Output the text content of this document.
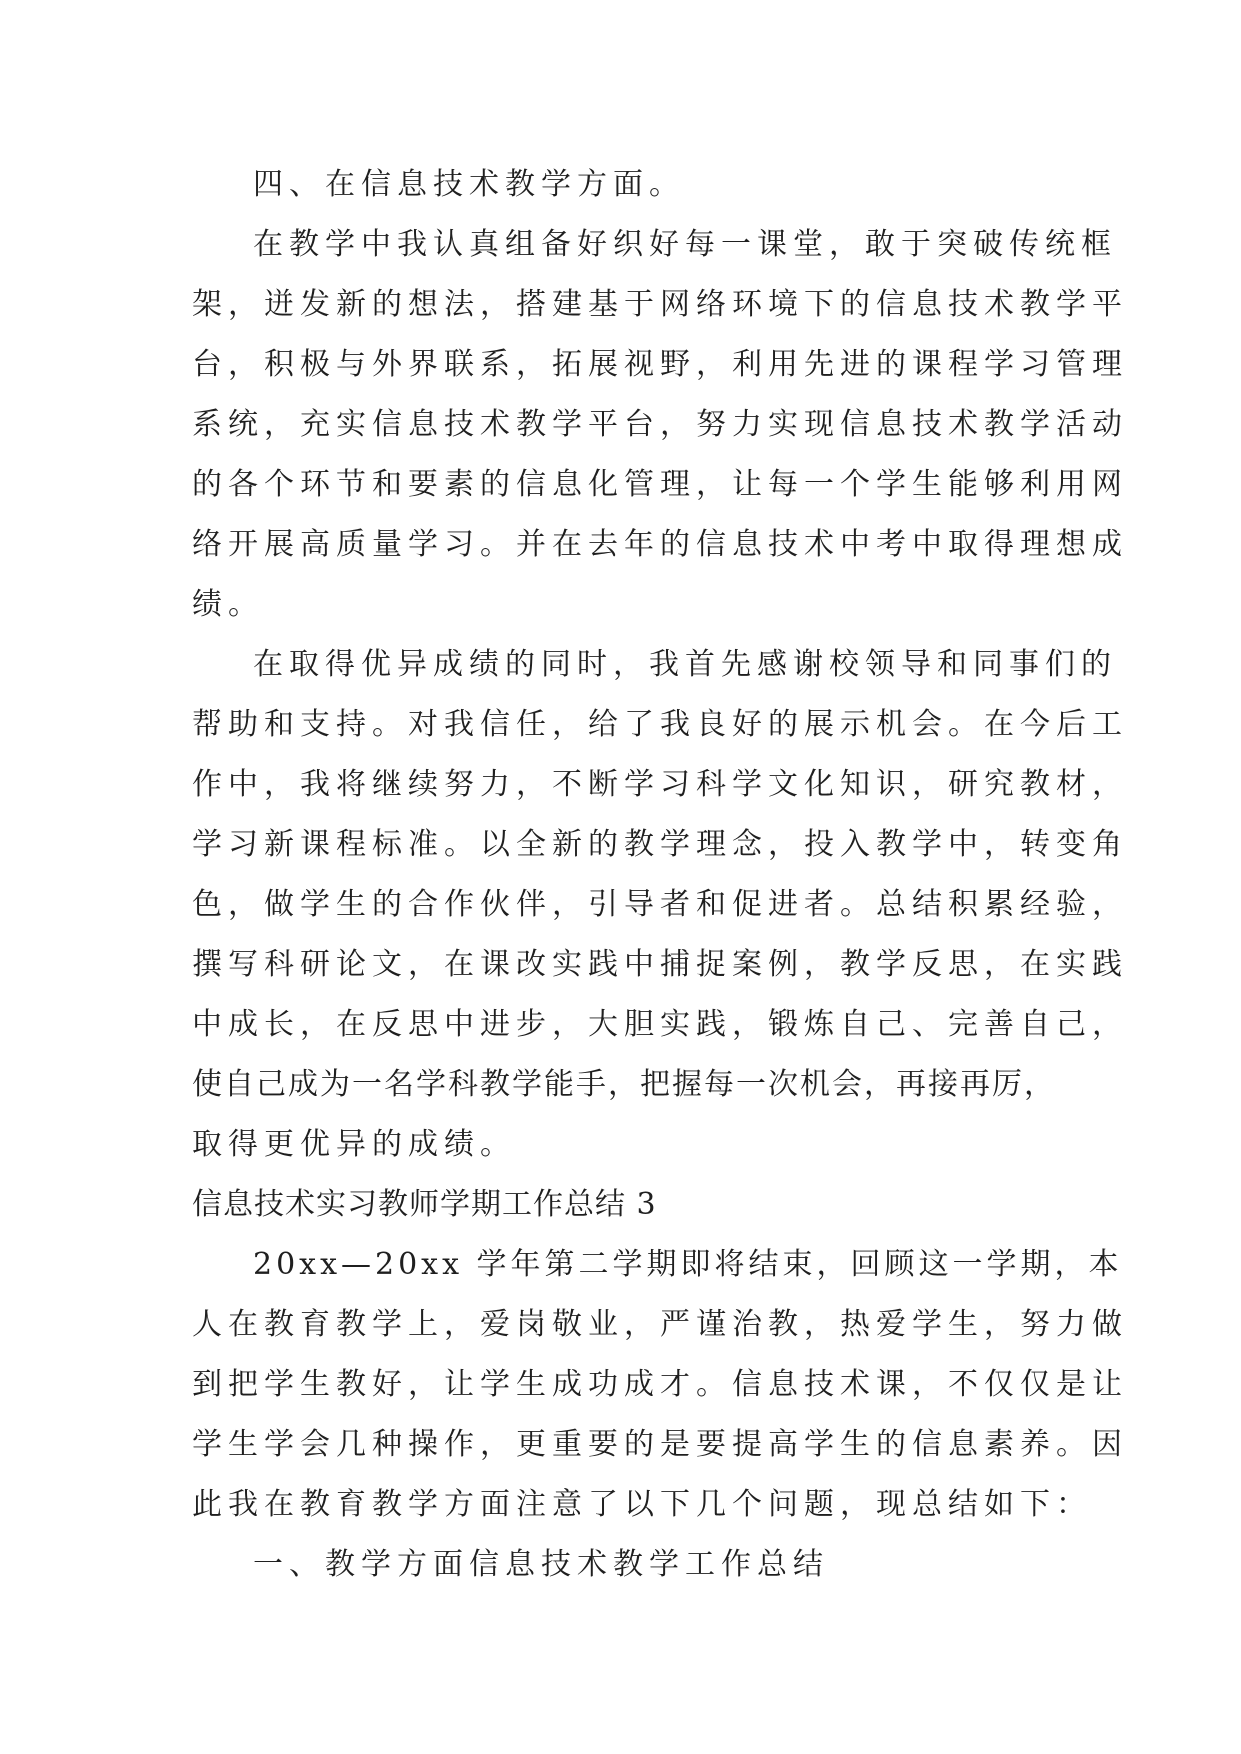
四、在信息技术教学方面。

在教学中我认真组备好织好每一课堂，敢于突破传统框
架，迸发新的想法，搭建基于网络环境下的信息技术教学平
台，积极与外界联系，拓展视野，利用先进的课程学习管理
系统，充实信息技术教学平台，努力实现信息技术教学活动
的各个环节和要素的信息化管理，让每一个学生能够利用网
络开展高质量学习。并在去年的信息技术中考中取得理想成
绩。

在取得优异成绩的同时，我首先感谢校领导和同事们的
帮助和支持。对我信任，给了我良好的展示机会。在今后工
作中，我将继续努力，不断学习科学文化知识，研究教材，
学习新课程标准。以全新的教学理念，投入教学中，转变角
色，做学生的合作伙伴，引导者和促进者。总结积累经验，
撰写科研论文，在课改实践中捕捉案例，教学反思，在实践
中成长，在反思中进步，大胆实践，锻炼自己、完善自己，
使自己成为一名学科教学能手，把握每一次机会，再接再厉，
取得更优异的成绩。

信息技术实习教师学期工作总结 3

20xx—20xx 学年第二学期即将结束，回顾这一学期，本
人在教育教学上，爱岗敬业，严谨治教，热爱学生，努力做
到把学生教好，让学生成功成才。信息技术课，不仅仅是让
学生学会几种操作，更重要的是要提高学生的信息素养。因
此我在教育教学方面注意了以下几个问题，现总结如下：

一、教学方面信息技术教学工作总结
